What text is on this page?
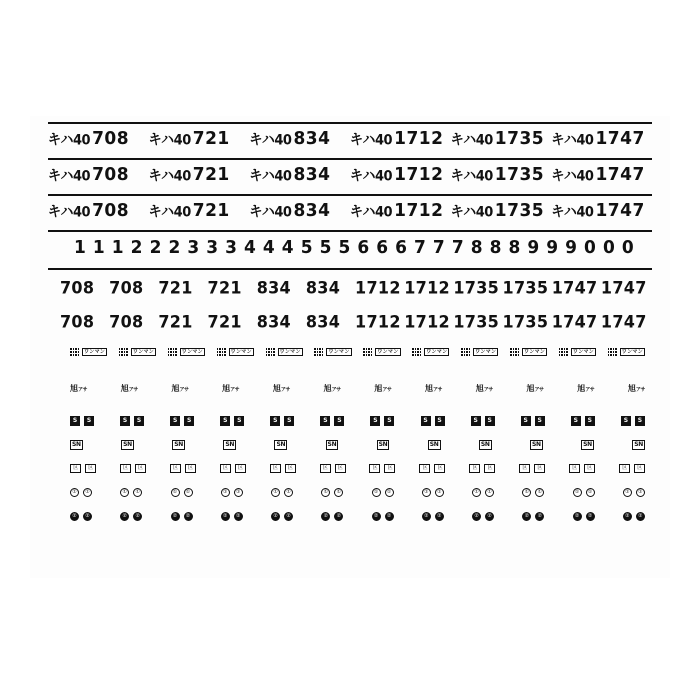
キハ40 708 キハ40 721 キハ40 834 キハ40 1712 キハ40 1735 キハ40 1747
キハ40 708 キハ40 721 キハ40 834 キハ40 1712 キハ40 1735 キハ40 1747
キハ40 708 キハ40 721 キハ40 834 キハ40 1712 キハ40 1735 キハ40 1747
1 1 1 2 2 2 3 3 3 4 4 4 5 5 5 6 6 6 7 7 7 8 8 8 9 9 9 0 0 0
708 708 721 721 834 834 1712 1712 1735 1735 1747 1747
708 708 721 721 834 834 1712 1712 1735 1735 1747 1747
ワンマン	ワンマン	ワンマン	ワンマン	ワンマン	ワンマン	ワンマン	ワンマン	ワンマン	ワンマン	ワンマン	ワンマン
旭アサ	旭アサ	旭アサ	旭アサ	旭アサ	旭アサ	旭アサ	旭アサ	旭アサ	旭アサ	旭アサ	旭アサ
S	S	S	S	S	S	S	S	S	S	S	S	S	S	S	S	S	S	S	S	S	S	S	S
SN	SN	SN	SN	SN	SN	SN	SN	SN	SN	SN	SN
区	区	区	区	区	区	区	区	区	区	区	区	区	区	区	区	区	区	区	区	区	区	区	区
①	①	①	①	①	①	①	①	①	①	①	①	①	①	①	①	①	①	①	①	①	①	①	①
②	②	②	②	②	②	②	②	②	②	②	②	②	②	②	②	②	②	②	②	②	②	②	②
